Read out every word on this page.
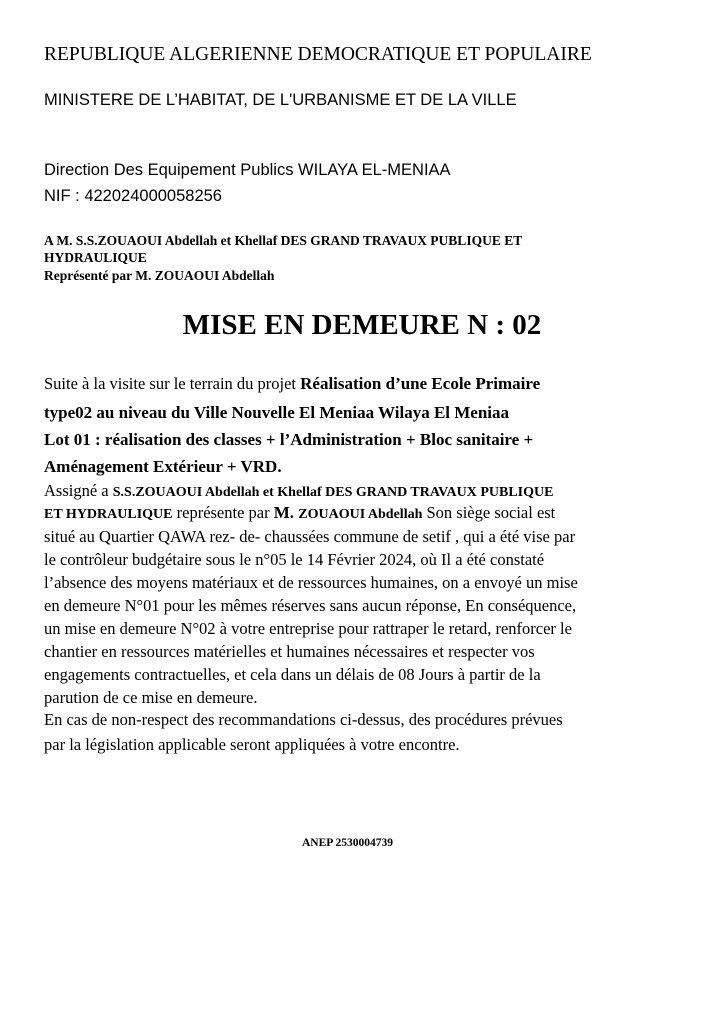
REPUBLIQUE ALGERIENNE DEMOCRATIQUE ET POPULAIRE
MINISTERE DE L’HABITAT, DE L'URBANISME ET DE LA VILLE
Direction Des Equipement Publics WILAYA EL-MENIAA
NIF : 422024000058256
A M. S.S.ZOUAOUI Abdellah et Khellaf DES GRAND TRAVAUX PUBLIQUE ET
HYDRAULIQUE
Représenté par M. ZOUAOUI Abdellah
MISE EN DEMEURE N : 02
Suite à la visite sur le terrain du projet Réalisation d’une Ecole Primaire
type02 au niveau du Ville Nouvelle El Meniaa Wilaya El Meniaa
Lot 01 : réalisation des classes + l’Administration + Bloc sanitaire +
Aménagement Extérieur + VRD.
Assigné a S.S.ZOUAOUI Abdellah et Khellaf DES GRAND TRAVAUX PUBLIQUE
ET HYDRAULIQUE représente par M. ZOUAOUI Abdellah Son siège social est
situé au Quartier QAWA rez- de- chaussées commune de setif , qui a été vise par
le contrôleur budgétaire sous le n°05 le 14 Février 2024, où Il a été constaté
l’absence des moyens matériaux et de ressources humaines, on a envoyé un mise
en demeure N°01 pour les mêmes réserves sans aucun réponse, En conséquence,
un mise en demeure N°02 à votre entreprise pour rattraper le retard, renforcer le
chantier en ressources matérielles et humaines nécessaires et respecter vos
engagements contractuelles, et cela dans un délais de 08 Jours à partir de la
parution de ce mise en demeure.
En cas de non-respect des recommandations ci-dessus, des procédures prévues
par la législation applicable seront appliquées à votre encontre.
ANEP 2530004739
